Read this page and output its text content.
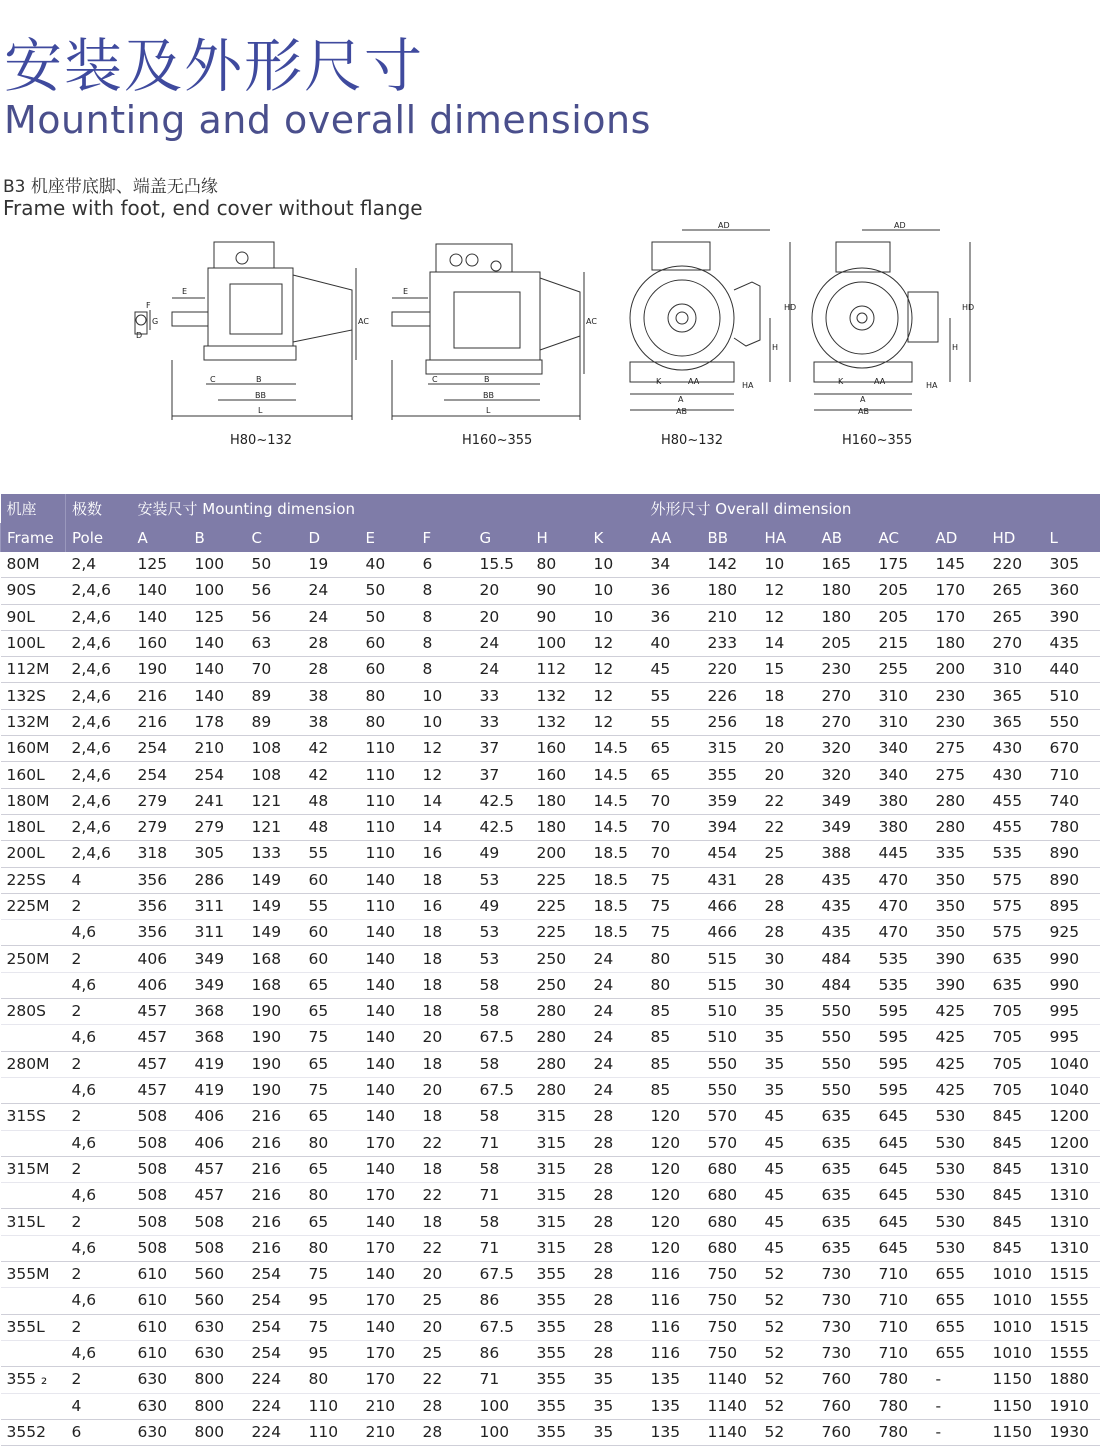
安装及外形尺寸
Mounting and overall dimensions
B3 机座带底脚、端盖无凸缘
Frame with foot, end cover without flange
F
E
D
G	AC
C	B
BB
L
E
AC
C	B
BB
L
AD
HD
H
K	AA	HA
A
AB
AD
HD
H
K	AA	HA
A
AB
H80~132	H160~355	H80~132	H160~355
机座	极数	安装尺寸 Mounting dimension									外形尺寸 Overall dimension							
Frame	Pole	A	B	C	D	E	F	G	H	K	AA	BB	HA	AB	AC	AD	HD	L
80M	2,4	125	100	50	19	40	6	15.5	80	10	34	142	10	165	175	145	220	305
90S	2,4,6	140	100	56	24	50	8	20	90	10	36	180	12	180	205	170	265	360
90L	2,4,6	140	125	56	24	50	8	20	90	10	36	210	12	180	205	170	265	390
100L	2,4,6	160	140	63	28	60	8	24	100	12	40	233	14	205	215	180	270	435
112M	2,4,6	190	140	70	28	60	8	24	112	12	45	220	15	230	255	200	310	440
132S	2,4,6	216	140	89	38	80	10	33	132	12	55	226	18	270	310	230	365	510
132M	2,4,6	216	178	89	38	80	10	33	132	12	55	256	18	270	310	230	365	550
160M	2,4,6	254	210	108	42	110	12	37	160	14.5	65	315	20	320	340	275	430	670
160L	2,4,6	254	254	108	42	110	12	37	160	14.5	65	355	20	320	340	275	430	710
180M	2,4,6	279	241	121	48	110	14	42.5	180	14.5	70	359	22	349	380	280	455	740
180L	2,4,6	279	279	121	48	110	14	42.5	180	14.5	70	394	22	349	380	280	455	780
200L	2,4,6	318	305	133	55	110	16	49	200	18.5	70	454	25	388	445	335	535	890
225S	4	356	286	149	60	140	18	53	225	18.5	75	431	28	435	470	350	575	890
225M	2	356	311	149	55	110	16	49	225	18.5	75	466	28	435	470	350	575	895
	4,6	356	311	149	60	140	18	53	225	18.5	75	466	28	435	470	350	575	925
250M	2	406	349	168	60	140	18	53	250	24	80	515	30	484	535	390	635	990
	4,6	406	349	168	65	140	18	58	250	24	80	515	30	484	535	390	635	990
280S	2	457	368	190	65	140	18	58	280	24	85	510	35	550	595	425	705	995
	4,6	457	368	190	75	140	20	67.5	280	24	85	510	35	550	595	425	705	995
280M	2	457	419	190	65	140	18	58	280	24	85	550	35	550	595	425	705	1040
	4,6	457	419	190	75	140	20	67.5	280	24	85	550	35	550	595	425	705	1040
315S	2	508	406	216	65	140	18	58	315	28	120	570	45	635	645	530	845	1200
	4,6	508	406	216	80	170	22	71	315	28	120	570	45	635	645	530	845	1200
315M	2	508	457	216	65	140	18	58	315	28	120	680	45	635	645	530	845	1310
	4,6	508	457	216	80	170	22	71	315	28	120	680	45	635	645	530	845	1310
315L	2	508	508	216	65	140	18	58	315	28	120	680	45	635	645	530	845	1310
	4,6	508	508	216	80	170	22	71	315	28	120	680	45	635	645	530	845	1310
355M	2	610	560	254	75	140	20	67.5	355	28	116	750	52	730	710	655	1010	1515
	4,6	610	560	254	95	170	25	86	355	28	116	750	52	730	710	655	1010	1555
355L	2	610	630	254	75	140	20	67.5	355	28	116	750	52	730	710	655	1010	1515
	4,6	610	630	254	95	170	25	86	355	28	116	750	52	730	710	655	1010	1555
355 ₂	2	630	800	224	80	170	22	71	355	35	135	1140	52	760	780	-	1150	1880
	4	630	800	224	110	210	28	100	355	35	135	1140	52	760	780	-	1150	1910
3552	6	630	800	224	110	210	28	100	355	35	135	1140	52	760	780	-	1150	1930
